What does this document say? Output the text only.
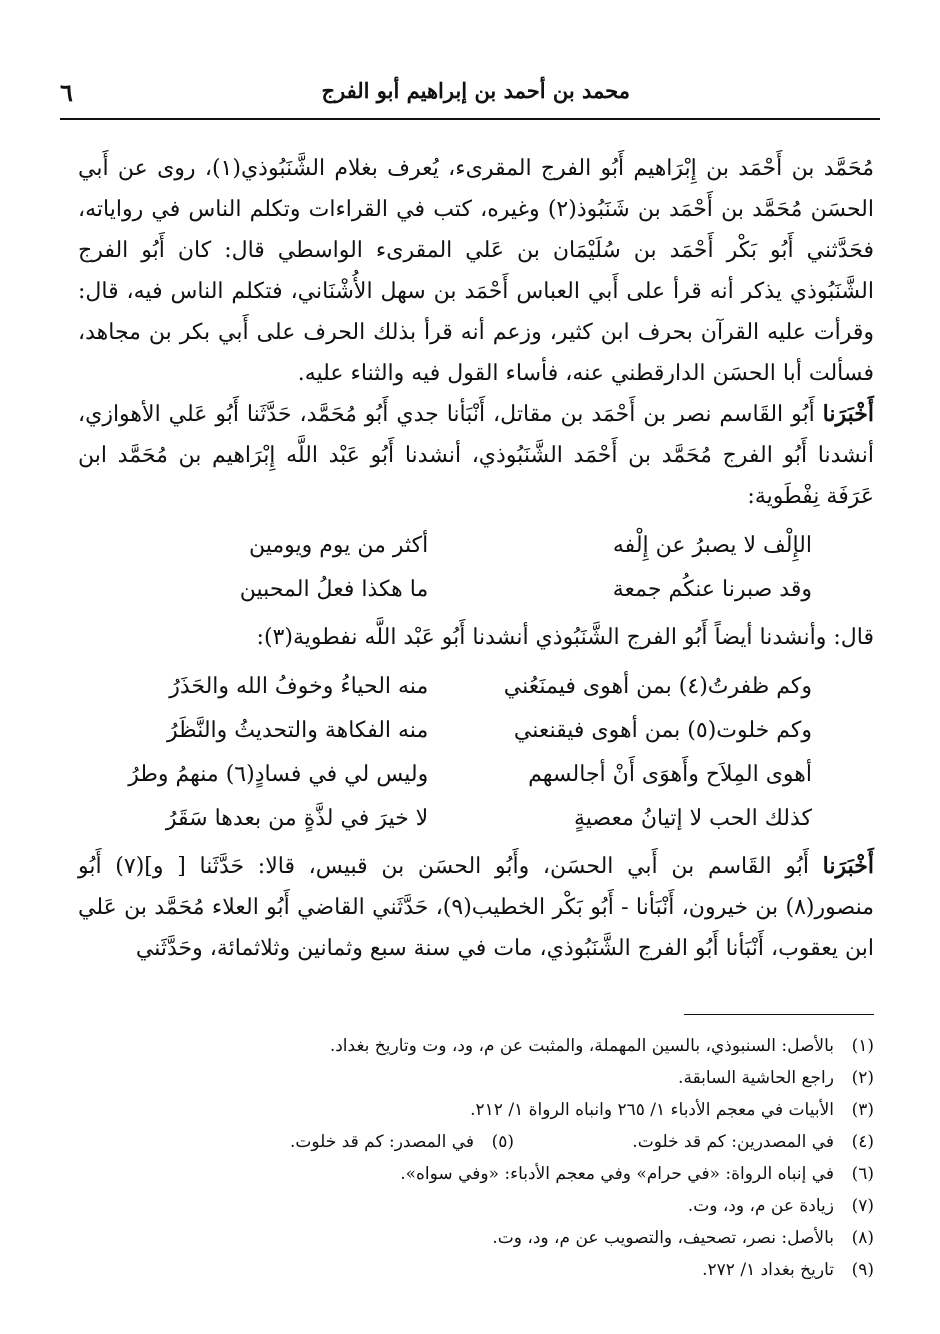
٦	محمد بن أحمد بن إبراهيم أبو الفرج

مُحَمَّد بن أَحْمَد بن إِبْرَاهيم أَبُو الفرج المقرىء، يُعرف بغلام الشَّنَبُوذي(١)، روى عن أَبي الحسَن مُحَمَّد بن أَحْمَد بن شَنَبُوذ(٢) وغيره، كتب في القراءات وتكلم الناس في رواياته، فحَدَّثني أَبُو بَكْر أَحْمَد بن سُلَيْمَان بن عَلي المقرىء الواسطي قال: كان أَبُو الفرج الشَّنَبُوذي يذكر أنه قرأ على أَبي العباس أَحْمَد بن سهل الأُشْنَاني، فتكلم الناس فيه، قال: وقرأت عليه القرآن بحرف ابن كثير، وزعم أنه قرأ بذلك الحرف على أَبي بكر بن مجاهد، فسألت أبا الحسَن الدارقطني عنه، فأساء القول فيه والثناء عليه.

أَخْبَرَنا أَبُو القَاسم نصر بن أَحْمَد بن مقاتل، أَنْبَأنا جدي أَبُو مُحَمَّد، حَدَّثَنا أَبُو عَلي الأهوازي، أنشدنا أَبُو الفرج مُحَمَّد بن أَحْمَد الشَّنَبُوذي، أنشدنا أَبُو عَبْد اللَّه إِبْرَاهيم بن مُحَمَّد ابن عَرَفَة نِفْطَوية:

الإِلْف لا يصبرُ عن إِلْفه
أكثر من يوم ويومين
وقد صبرنا عنكُم جمعة
ما هكذا فعلُ المحبين

قال: وأنشدنا أيضاً أَبُو الفرج الشَّنَبُوذي أنشدنا أَبُو عَبْد اللَّه نفطوية(٣):

وكم ظفرتُ(٤) بمن أهوى فيمنَعُني
منه الحياءُ وخوفُ الله والحَذَرُ
وكم خلوت(٥) بمن أهوى فيقنعني
منه الفكاهة والتحديثُ والنَّظَرُ
أهوى المِلاَح وأَهوَى أَنْ أجالسهم
وليس لي في فسادٍ(٦) منهمُ وطرُ
كذلك الحب لا إتيانُ معصيةٍ
لا خيرَ في لذَّةٍ من بعدها سَقَرُ

أَخْبَرَنا أَبُو القَاسم بن أَبي الحسَن، وأَبُو الحسَن بن قبيس، قالا: حَدَّثَنا [ و](٧) أَبُو منصور(٨) بن خيرون، أَنْبَأنا - أَبُو بَكْر الخطيب(٩)، حَدَّثَني القاضي أَبُو العلاء مُحَمَّد بن عَلي ابن يعقوب، أَنْبَأنا أَبُو الفرج الشَّنَبُوذي، مات في سنة سبع وثمانين وثلاثمائة، وحَدَّثَني

(١)
بالأصل: السنبوذي، بالسين المهملة، والمثبت عن م، ود، وت وتاريخ بغداد.
(٢)
راجع الحاشية السابقة.
(٣)
الأبيات في معجم الأدباء ١/ ٢٦٥ وانباه الرواة ١/ ٢١٢.
(٤)
في المصدرين: كم قد خلوت.
(٥)
في المصدر: كم قد خلوت.
(٦)
في إنباه الرواة: «في حرام» وفي معجم الأدباء: «وفي سواه».
(٧)
زيادة عن م، ود، وت.
(٨)
بالأصل: نصر، تصحيف، والتصويب عن م، ود، وت.
(٩)
تاريخ بغداد ١/ ٢٧٢.
